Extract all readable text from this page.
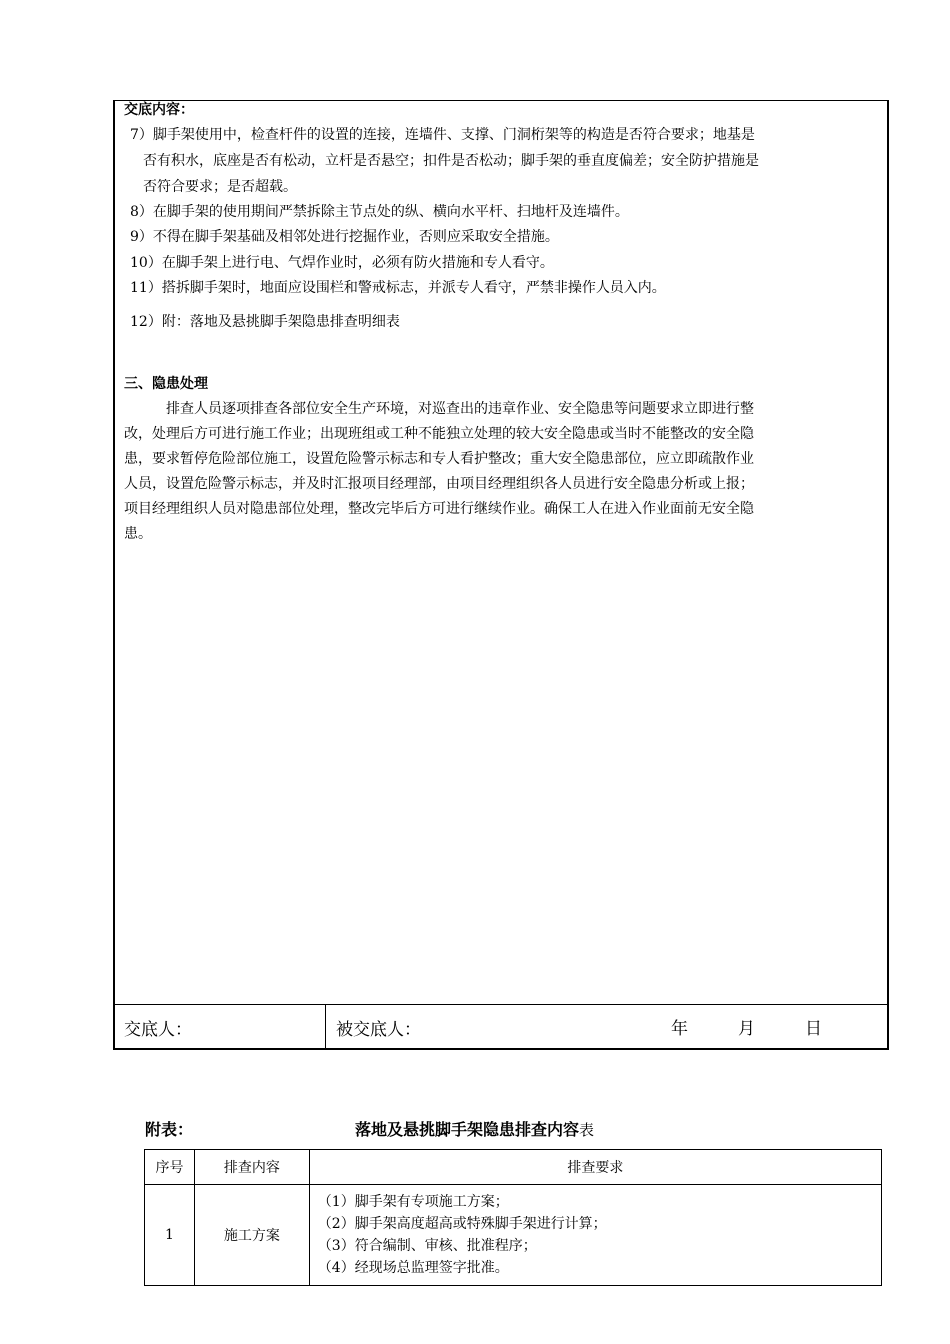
交底内容：
7）脚手架使用中，检查杆件的设置的连接，连墙件、支撑、门洞桁架等的构造是否符合要求；地基是
否有积水，底座是否有松动，立杆是否悬空；扣件是否松动；脚手架的垂直度偏差；安全防护措施是
否符合要求；是否超载。
8）在脚手架的使用期间严禁拆除主节点处的纵、横向水平杆、扫地杆及连墙件。
9）不得在脚手架基础及相邻处进行挖掘作业，否则应采取安全措施。
10）在脚手架上进行电、气焊作业时，必须有防火措施和专人看守。
11）搭拆脚手架时，地面应设围栏和警戒标志，并派专人看守，严禁非操作人员入内。
12）附：落地及悬挑脚手架隐患排查明细表
三、隐患处理
排查人员逐项排查各部位安全生产环境，对巡查出的违章作业、安全隐患等问题要求立即进行整
改，处理后方可进行施工作业；出现班组或工种不能独立处理的较大安全隐患或当时不能整改的安全隐
患，要求暂停危险部位施工，设置危险警示标志和专人看护整改；重大安全隐患部位，应立即疏散作业
人员，设置危险警示标志，并及时汇报项目经理部，由项目经理组织各人员进行安全隐患分析或上报；
项目经理组织人员对隐患部位处理，整改完毕后方可进行继续作业。确保工人在进入作业面前无安全隐
患。
交底人：	被交底人：	年	月	日
附表：	落地及悬挑脚手架隐患排查内容表
序号	排查内容	排查要求
1	施工方案	（1）脚手架有专项施工方案；
（2）脚手架高度超高或特殊脚手架进行计算；
（3）符合编制、审核、批准程序；
（4）经现场总监理签字批准。
